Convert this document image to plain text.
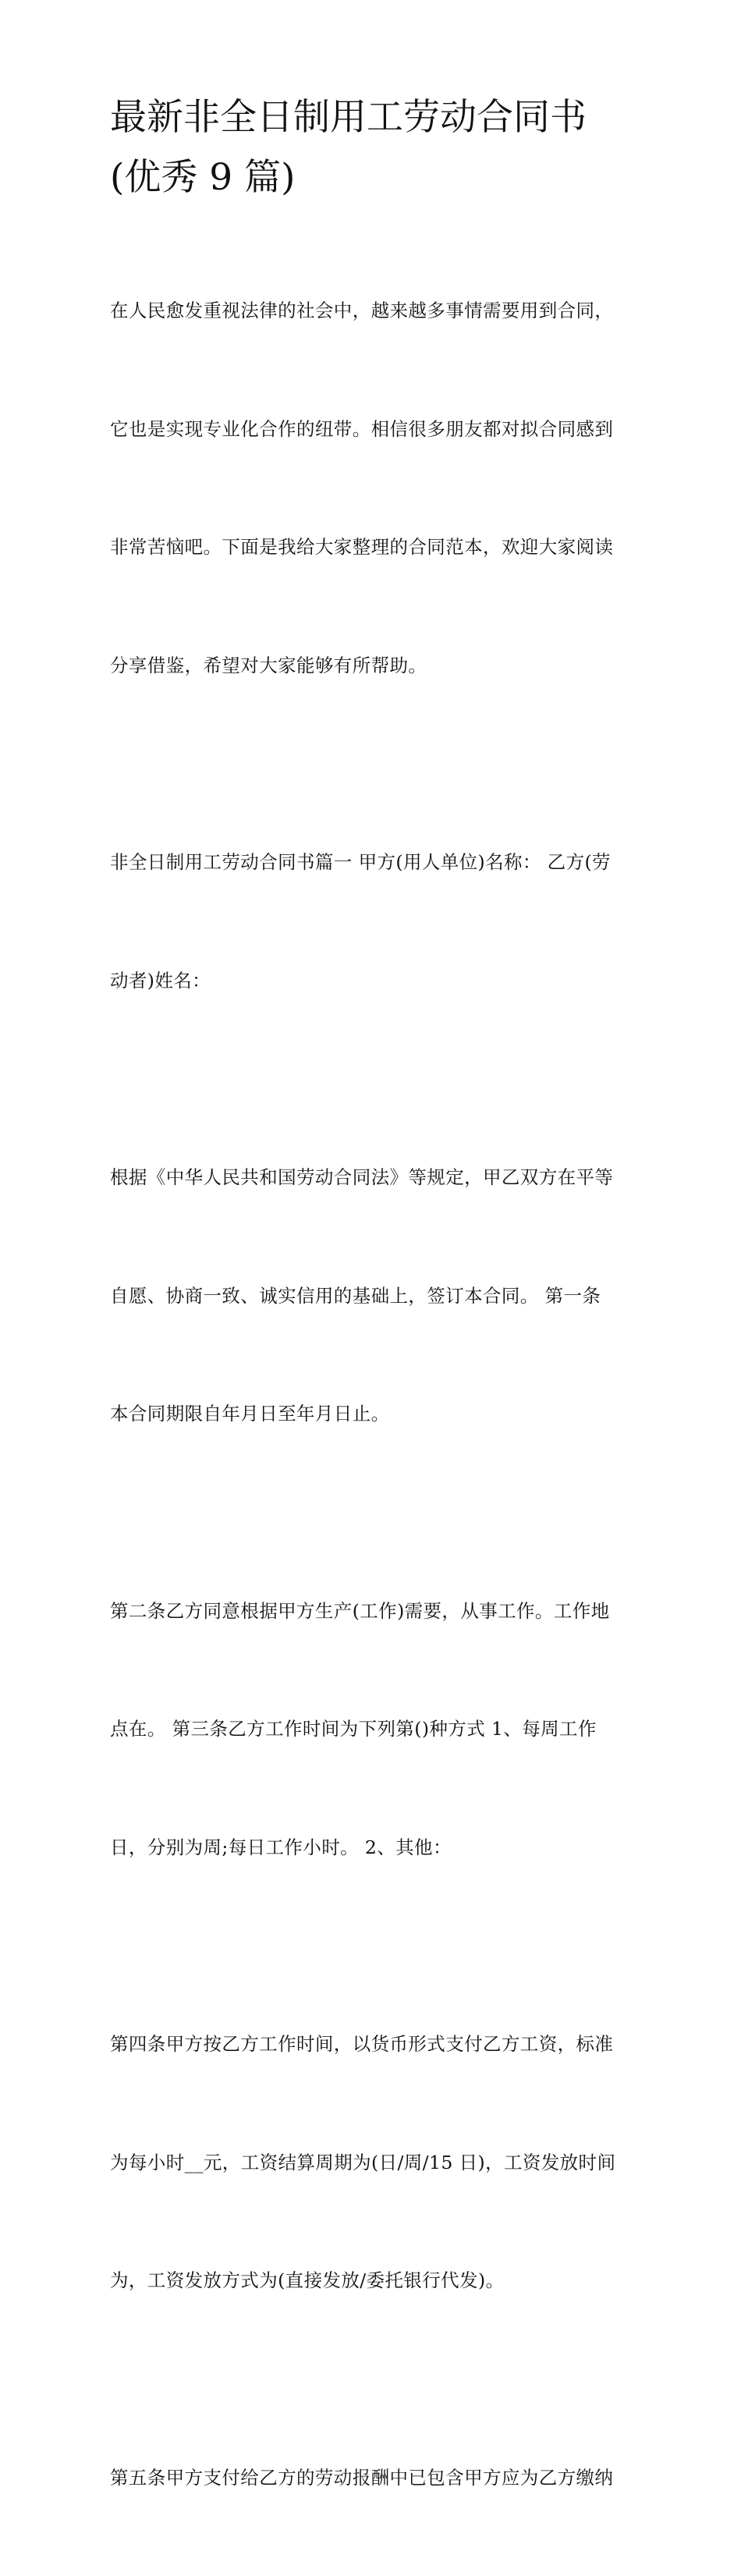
最新非全日制用工劳动合同书
(优秀 9 篇)

在人民愈发重视法律的社会中，越来越多事情需要用到合同，

它也是实现专业化合作的纽带。相信很多朋友都对拟合同感到

非常苦恼吧。下面是我给大家整理的合同范本，欢迎大家阅读

分享借鉴，希望对大家能够有所帮助。

非全日制用工劳动合同书篇一 甲方(用人单位)名称： 乙方(劳

动者)姓名：

根据《中华人民共和国劳动合同法》等规定，甲乙双方在平等

自愿、协商一致、诚实信用的基础上，签订本合同。 第一条

本合同期限自年月日至年月日止。

第二条乙方同意根据甲方生产(工作)需要，从事工作。工作地

点在。 第三条乙方工作时间为下列第()种方式 1、每周工作

日，分别为周;每日工作小时。 2、其他：

第四条甲方按乙方工作时间，以货币形式支付乙方工资，标准

为每小时__元，工资结算周期为(日/周/15 日)，工资发放时间

为，工资发放方式为(直接发放/委托银行代发)。

第五条甲方支付给乙方的劳动报酬中已包含甲方应为乙方缴纳
